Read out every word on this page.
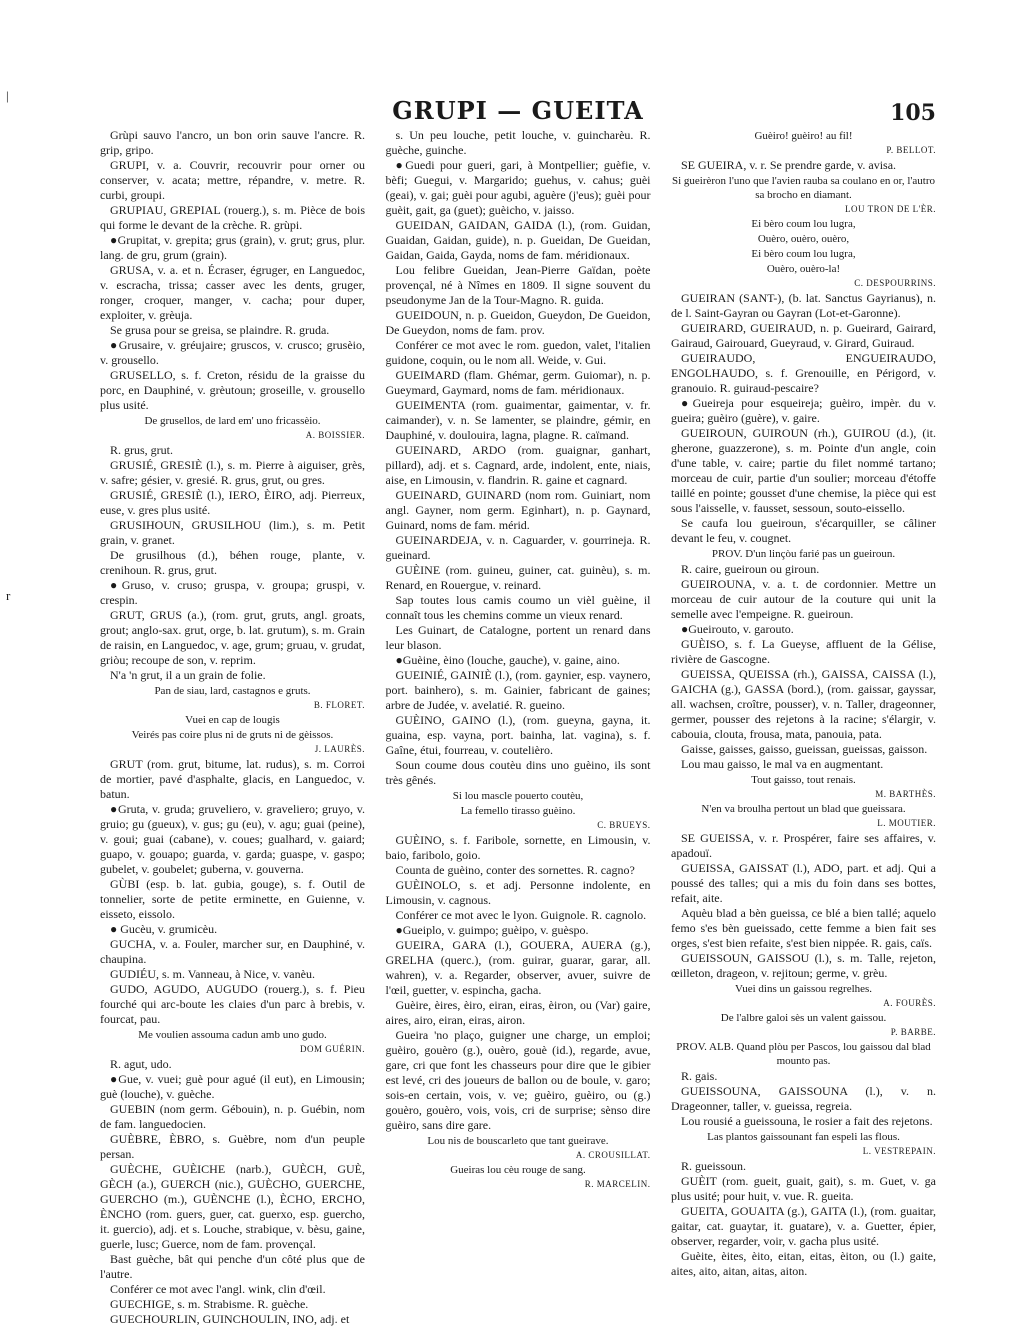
GRUPI — GUEITA	105
|
r

Grùpi sauvo l'ancro, un bon orin sauve l'ancre. R. grip, gripo.

GRUPI, v. a. Couvrir, recouvrir pour orner ou conserver, v. acata; mettre, répandre, v. metre. R. curbi, groupi.

GRUPIAU, GREPIAL (rouerg.), s. m. Pièce de bois qui forme le devant de la crèche. R. grùpi.

●Grupitat, v. grepita; grus (grain), v. grut; grus, plur. lang. de gru, grum (grain).

GRUSA, v. a. et n. Écraser, égruger, en Languedoc, v. escracha, trissa; casser avec les dents, gruger, ronger, croquer, manger, v. cacha; pour duper, exploiter, v. grèuja.

Se grusa pour se greisa, se plaindre. R. gruda.

●Grusaire, v. gréujaire; gruscos, v. crusco; grusèio, v. grousello.

GRUSELLO, s. f. Creton, résidu de la graisse du porc, en Dauphiné, v. grèutoun; groseille, v. grousello plus usité.

De grusellos, de lard em' uno fricassèio.

A. BOISSIER.

R. grus, grut.

GRUSIÉ, GRESIÈ (l.), s. m. Pierre à aiguiser, grès, v. safre; gésier, v. gresié. R. grus, grut, ou gres.

GRUSIÉ, GRESIÈ (l.), IERO, ÈIRO, adj. Pierreux, euse, v. gres plus usité.

GRUSIHOUN, GRUSILHOU (lim.), s. m. Petit grain, v. granet.

De grusilhous (d.), béhen rouge, plante, v. crenihoun. R. grus, grut.

●Gruso, v. cruso; gruspa, v. groupa; gruspi, v. crespin.

GRUT, GRUS (a.), (rom. grut, gruts, angl. groats, grout; anglo-sax. grut, orge, b. lat. grutum), s. m. Grain de raisin, en Languedoc, v. age, grum; gruau, v. grudat, griòu; recoupe de son, v. reprim.

N'a 'n grut, il a un grain de folie.

Pan de siau, lard, castagnos e gruts.

B. FLORET.

Vuei en cap de lougis

Veirés pas coire plus ni de gruts ni de gèissos.

J. LAURÈS.

GRUT (rom. grut, bitume, lat. rudus), s. m. Corroi de mortier, pavé d'asphalte, glacis, en Languedoc, v. batun.

●Gruta, v. gruda; gruveliero, v. graveliero; gruyo, v. gruio; gu (gueux), v. gus; gu (eu), v. agu; guai (peine), v. goui; guai (cabane), v. coues; gualhard, v. gaiard; guapo, v. gouapo; guarda, v. garda; guaspe, v. gaspo; gubelet, v. goubelet; guberna, v. gouverna.

GÙBI (esp. b. lat. gubia, gouge), s. f. Outil de tonnelier, sorte de petite erminette, en Guienne, v. eisseto, eissolo.

● Gucèu, v. grumicèu.

GUCHA, v. a. Fouler, marcher sur, en Dauphiné, v. chaupina.

GUDIÉU, s. m. Vanneau, à Nice, v. vanèu.

GUDO, AGUDO, AUGUDO (rouerg.), s. f. Pieu fourché qui arc-boute les claies d'un parc à brebis, v. fourcat, pau.

Me voulien assouma cadun amb uno gudo.

DOM GUÉRIN.

R. agut, udo.

●Gue, v. vuei; guè pour agué (il eut), en Limousin; guè (louche), v. guèche.

GUEBIN (nom germ. Gébouin), n. p. Guébin, nom de fam. languedocien.

GUÈBRE, ÈBRO, s. Guèbre, nom d'un peuple persan.

GUÈCHE, GUÈICHE (narb.), GUÈCH, GUÈ, GÈCH (a.), GUERCH (nic.), GUÈCHO, GUERCHE, GUERCHO (m.), GUÈNCHE (l.), ÈCHO, ERCHO, ÈNCHO (rom. guers, guer, cat. guerxo, esp. guercho, it. guercio), adj. et s. Louche, strabique, v. bèsu, gaine, guerle, lusc; Guerce, nom de fam. provençal.

Bast guèche, bât qui penche d'un côté plus que de l'autre.

Conférer ce mot avec l'angl. wink, clin d'œil.

GUECHIGE, s. m. Strabisme. R. guèche.

GUECHOURLIN, GUINCHOULIN, INO, adj. et

s. Un peu louche, petit louche, v. guincharèu. R. guèche, guinche.

●Guedi pour gueri, gari, à Montpellier; guèfie, v. bèfi; Guegui, v. Margarido; guehus, v. cahus; guèi (geai), v. gai; guèi pour agubi, aguère (j'eus); guèi pour guèit, gait, ga (guet); guèicho, v. jaisso.

GUEIDAN, GAIDAN, GAIDA (l.), (rom. Guidan, Guaidan, Gaidan, guide), n. p. Gueidan, De Gueidan, Gaidan, Gaida, Gayda, noms de fam. méridionaux.

Lou felibre Gueidan, Jean-Pierre Gaïdan, poète provençal, né à Nîmes en 1809. Il signe souvent du pseudonyme Jan de la Tour-Magno. R. guida.

GUEIDOUN, n. p. Gueidon, Gueydon, De Gueidon, De Gueydon, noms de fam. prov.

Conférer ce mot avec le rom. guedon, valet, l'italien guidone, coquin, ou le nom all. Weide, v. Gui.

GUEIMARD (flam. Ghémar, germ. Guiomar), n. p. Gueymard, Gaymard, noms de fam. méridionaux.

GUEIMENTA (rom. guaimentar, gaimentar, v. fr. caimander), v. n. Se lamenter, se plaindre, gémir, en Dauphiné, v. doulouira, lagna, plagne. R. caïmand.

GUEINARD, ARDO (rom. guaignar, ganhart, pillard), adj. et s. Cagnard, arde, indolent, ente, niais, aise, en Limousin, v. flandrin. R. gaine et cagnard.

GUEINARD, GUINARD (nom rom. Guiniart, nom angl. Gayner, nom germ. Eginhart), n. p. Gaynard, Guinard, noms de fam. mérid.

GUEINARDEJA, v. n. Caguarder, v. gourrineja. R. gueinard.

GUÈINE (rom. guineu, guiner, cat. guinèu), s. m. Renard, en Rouergue, v. reinard.

Sap toutes lous camis coumo un vièl guèine, il connaît tous les chemins comme un vieux renard.

Les Guinart, de Catalogne, portent un renard dans leur blason.

●Guèine, èino (louche, gauche), v. gaine, aino.

GUEINIÉ, GAINIÈ (l.), (rom. gaynier, esp. vaynero, port. bainhero), s. m. Gainier, fabricant de gaines; arbre de Judée, v. avelatié. R. gueino.

GUÈINO, GAINO (l.), (rom. gueyna, gayna, it. guaina, esp. vayna, port. bainha, lat. vagina), s. f. Gaîne, étui, fourreau, v. coutelièro.

Soun coume dous coutèu dins uno guèino, ils sont très gênés.

Si lou mascle pouerto coutèu,

La femello tirasso guèino.

C. BRUEYS.

GUÈINO, s. f. Faribole, sornette, en Limousin, v. baio, faribolo, goio.

Counta de guèino, conter des sornettes. R. cagno?

GUÈINOLO, s. et adj. Personne indolente, en Limousin, v. cagnous.

Conférer ce mot avec le lyon. Guignole. R. cagnolo.

●Gueiplo, v. guimpo; guèipo, v. guèspo.

GUEIRA, GARA (l.), GOUERA, AUERA (g.), GRELHA (querc.), (rom. guirar, guarar, garar, all. wahren), v. a. Regarder, observer, avuer, suivre de l'œil, guetter, v. espincha, gacha.

Guèire, èires, èiro, eiran, eiras, èiron, ou (Var) gaire, aires, airo, eiran, eiras, airon.

Gueira 'no plaço, guigner une charge, un emploi; guèiro, gouèro (g.), ouèro, gouè (id.), regarde, avue, gare, cri que font les chasseurs pour dire que le gibier est levé, cri des joueurs de ballon ou de boule, v. garo; sois-en certain, vois, v. ve; guèiro, guèiro, ou (g.) gouèro, gouèro, vois, vois, cri de surprise; sènso dire guèiro, sans dire gare.

Lou nis de bouscarleto que tant gueirave.

A. CROUSILLAT.

Gueiras lou cèu rouge de sang.

R. MARCELIN.

Guèiro! guèiro! au fil!

P. BELLOT.

SE GUEIRA, v. r. Se prendre garde, v. avisa.

Si gueirèron l'uno que l'avien rauba sa coulano en or, l'autro sa brocho en diamant.

LOU TRON DE L'ÈR.

Ei bèro coum lou lugra,

Ouèro, ouèro, ouèro,

Ei bèro coum lou lugra,

Ouèro, ouèro-la!

C. DESPOURRINS.

GUEIRAN (SANT-), (b. lat. Sanctus Gayrianus), n. de l. Saint-Gayran ou Gayran (Lot-et-Garonne).

GUEIRARD, GUEIRAUD, n. p. Gueirard, Gairard, Gairaud, Gairouard, Gueyraud, v. Girard, Guiraud.

GUEIRAUDO, ENGUEIRAUDO, ENGOLHAUDO, s. f. Grenouille, en Périgord, v. granouio. R. guiraud-pescaire?

●Gueireja pour esqueireja; guèiro, impèr. du v. gueira; guèiro (guère), v. gaire.

GUEIROUN, GUIROUN (rh.), GUIROU (d.), (it. gherone, guazzerone), s. m. Pointe d'un angle, coin d'une table, v. caire; partie du filet nommé tartano; morceau de cuir, partie d'un soulier; morceau d'étoffe taillé en pointe; gousset d'une chemise, la pièce qui est sous l'aisselle, v. fausset, sessoun, souto-eissello.

Se caufa lou gueiroun, s'écarquiller, se câliner devant le feu, v. cougnet.

PROV. D'un linçòu farié pas un gueiroun.

R. caire, gueiroun ou giroun.

GUEIROUNA, v. a. t. de cordonnier. Mettre un morceau de cuir autour de la couture qui unit la semelle avec l'empeigne. R. gueiroun.

●Gueirouto, v. garouto.

GUÈISO, s. f. La Gueyse, affluent de la Gélise, rivière de Gascogne.

GUEISSA, QUEISSA (rh.), GAISSA, CAISSA (l.), GAICHA (g.), GASSA (bord.), (rom. gaissar, gayssar, all. wachsen, croître, pousser), v. n. Taller, drageonner, germer, pousser des rejetons à la racine; s'élargir, v. cabouia, clouta, frousa, mata, panouia, pata.

Gaisse, gaisses, gaisso, gueissan, gueissas, gaisson.

Lou mau gaisso, le mal va en augmentant.

Tout gaisso, tout renais.

M. BARTHÈS.

N'en va broulha pertout un blad que gueissara.

L. MOUTIER.

SE GUEISSA, v. r. Prospérer, faire ses affaires, v. apadouï.

GUEISSA, GAISSAT (l.), ADO, part. et adj. Qui a poussé des talles; qui a mis du foin dans ses bottes, refait, aite.

Aquèu blad a bèn gueissa, ce blé a bien tallé; aquelo femo s'es bèn gueissado, cette femme a bien fait ses orges, s'est bien refaite, s'est bien nippée. R. gais, caïs.

GUEISSOUN, GAISSOU (l.), s. m. Talle, rejeton, œilleton, drageon, v. rejitoun; germe, v. grèu.

Vuei dins un gaissou regrelhes.

A. FOURÈS.

De l'albre galoi sès un valent gaissou.

P. BARBE.

PROV. ALB. Quand plòu per Pascos, lou gaissou dal blad mounto pas.

R. gais.

GUEISSOUNA, GAISSOUNA (l.), v. n. Drageonner, taller, v. gueissa, regreia.

Lou rousié a gueissouna, le rosier a fait des rejetons.

Las plantos gaissounant fan espeli las flous.

L. VESTREPAIN.

R. gueissoun.

GUÈIT (rom. gueit, guait, gait), s. m. Guet, v. ga plus usité; pour huit, v. vue. R. gueita.

GUEITA, GOUAITA (g.), GAITA (l.), (rom. guaitar, gaitar, cat. guaytar, it. guatare), v. a. Guetter, épier, observer, regarder, voir, v. gacha plus usité.

Guèite, èites, èito, eitan, eitas, èiton, ou (l.) gaite, aites, aito, aitan, aitas, aiton.
